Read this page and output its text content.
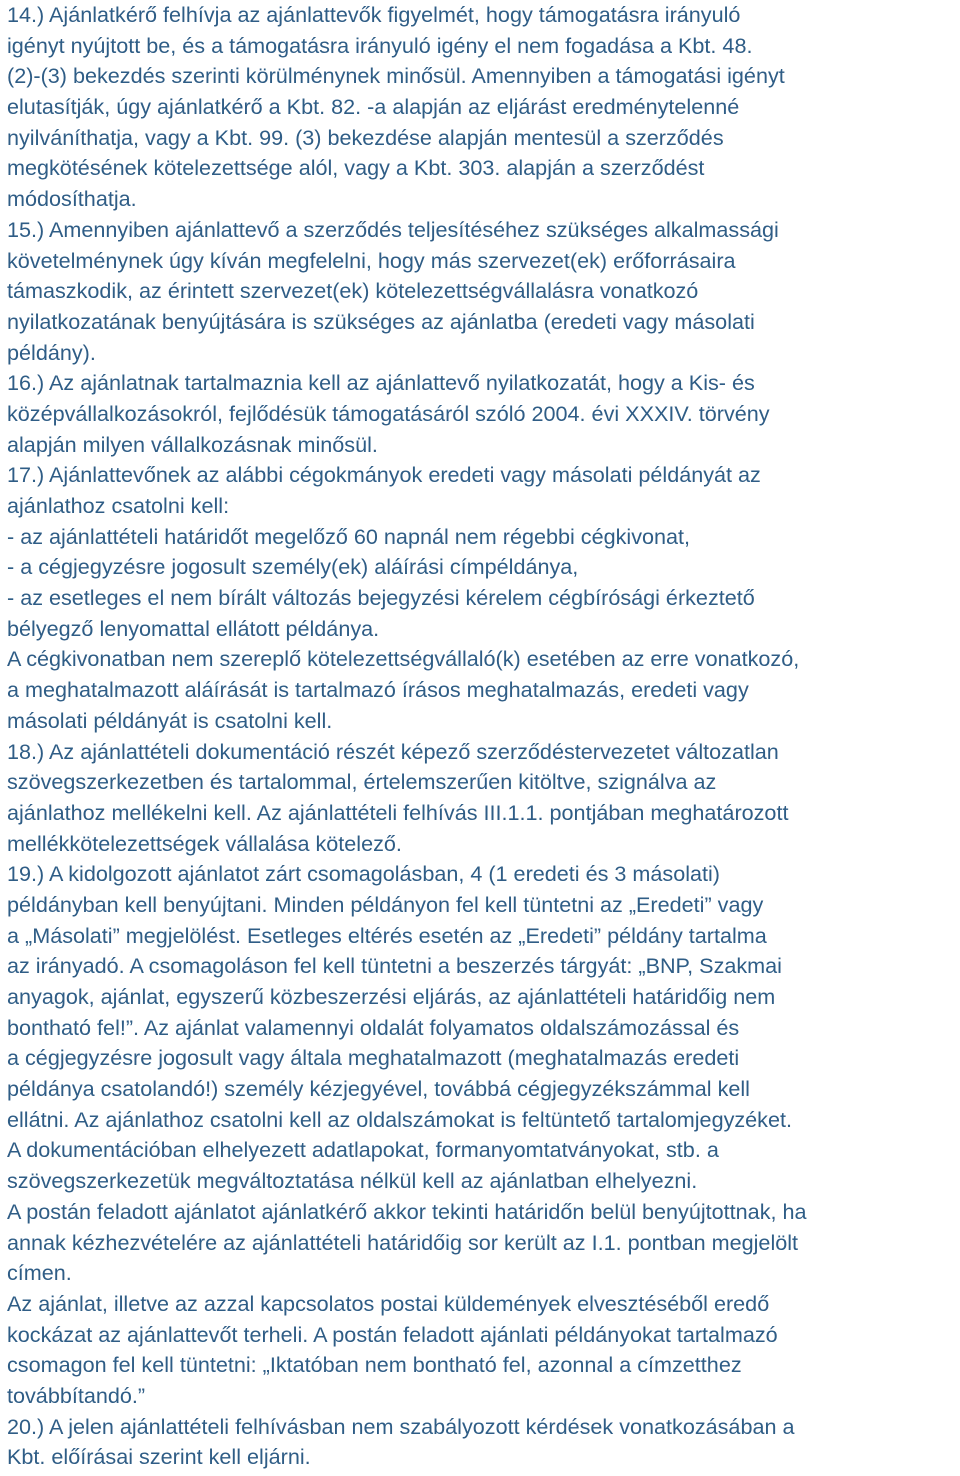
14.) Ajánlatkérő felhívja az ajánlattevők figyelmét, hogy támogatásra irányuló
igényt nyújtott be, és a támogatásra irányuló igény el nem fogadása a Kbt. 48.
(2)-(3) bekezdés szerinti körülménynek minősül. Amennyiben a támogatási igényt
elutasítják, úgy ajánlatkérő a Kbt. 82. -a alapján az eljárást eredménytelenné
nyilváníthatja, vagy a Kbt. 99. (3) bekezdése alapján mentesül a szerződés
megkötésének kötelezettsége alól, vagy a Kbt. 303. alapján a szerződést
módosíthatja.
15.) Amennyiben ajánlattevő a szerződés teljesítéséhez szükséges alkalmassági
követelménynek úgy kíván megfelelni, hogy más szervezet(ek) erőforrásaira
támaszkodik, az érintett szervezet(ek) kötelezettségvállalásra vonatkozó
nyilatkozatának benyújtására is szükséges az ajánlatba (eredeti vagy másolati
példány).
16.) Az ajánlatnak tartalmaznia kell az ajánlattevő nyilatkozatát, hogy a Kis- és
középvállalkozásokról, fejlődésük támogatásáról szóló 2004. évi XXXIV. törvény
alapján milyen vállalkozásnak minősül.
17.) Ajánlattevőnek az alábbi cégokmányok eredeti vagy másolati példányát az
ajánlathoz csatolni kell:
- az ajánlattételi határidőt megelőző 60 napnál nem régebbi cégkivonat,
- a cégjegyzésre jogosult személy(ek) aláírási címpéldánya,
- az esetleges el nem bírált változás bejegyzési kérelem cégbírósági érkeztető
bélyegző lenyomattal ellátott példánya.
A cégkivonatban nem szereplő kötelezettségvállaló(k) esetében az erre vonatkozó,
a meghatalmazott aláírását is tartalmazó írásos meghatalmazás, eredeti vagy
másolati példányát is csatolni kell.
18.) Az ajánlattételi dokumentáció részét képező szerződéstervezetet változatlan
szövegszerkezetben és tartalommal, értelemszerűen kitöltve, szignálva az
ajánlathoz mellékelni kell. Az ajánlattételi felhívás III.1.1. pontjában meghatározott
mellékkötelezettségek vállalása kötelező.
19.) A kidolgozott ajánlatot zárt csomagolásban, 4 (1 eredeti és 3 másolati)
példányban kell benyújtani. Minden példányon fel kell tüntetni az „Eredeti” vagy
a „Másolati” megjelölést. Esetleges eltérés esetén az „Eredeti” példány tartalma
az irányadó. A csomagoláson fel kell tüntetni a beszerzés tárgyát: „BNP, Szakmai
anyagok, ajánlat, egyszerű közbeszerzési eljárás, az ajánlattételi határidőig nem
bontható fel!”. Az ajánlat valamennyi oldalát folyamatos oldalszámozással és
a cégjegyzésre jogosult vagy általa meghatalmazott (meghatalmazás eredeti
példánya csatolandó!) személy kézjegyével, továbbá cégjegyzékszámmal kell
ellátni. Az ajánlathoz csatolni kell az oldalszámokat is feltüntető tartalomjegyzéket.
A dokumentációban elhelyezett adatlapokat, formanyomtatványokat, stb. a
szövegszerkezetük megváltoztatása nélkül kell az ajánlatban elhelyezni.
A postán feladott ajánlatot ajánlatkérő akkor tekinti határidőn belül benyújtottnak, ha
annak kézhezvételére az ajánlattételi határidőig sor került az I.1. pontban megjelölt
címen.
Az ajánlat, illetve az azzal kapcsolatos postai küldemények elvesztéséből eredő
kockázat az ajánlattevőt terheli. A postán feladott ajánlati példányokat tartalmazó
csomagon fel kell tüntetni: „Iktatóban nem bontható fel, azonnal a címzetthez
továbbítandó.”
20.) A jelen ajánlattételi felhívásban nem szabályozott kérdések vonatkozásában a
Kbt. előírásai szerint kell eljárni.
